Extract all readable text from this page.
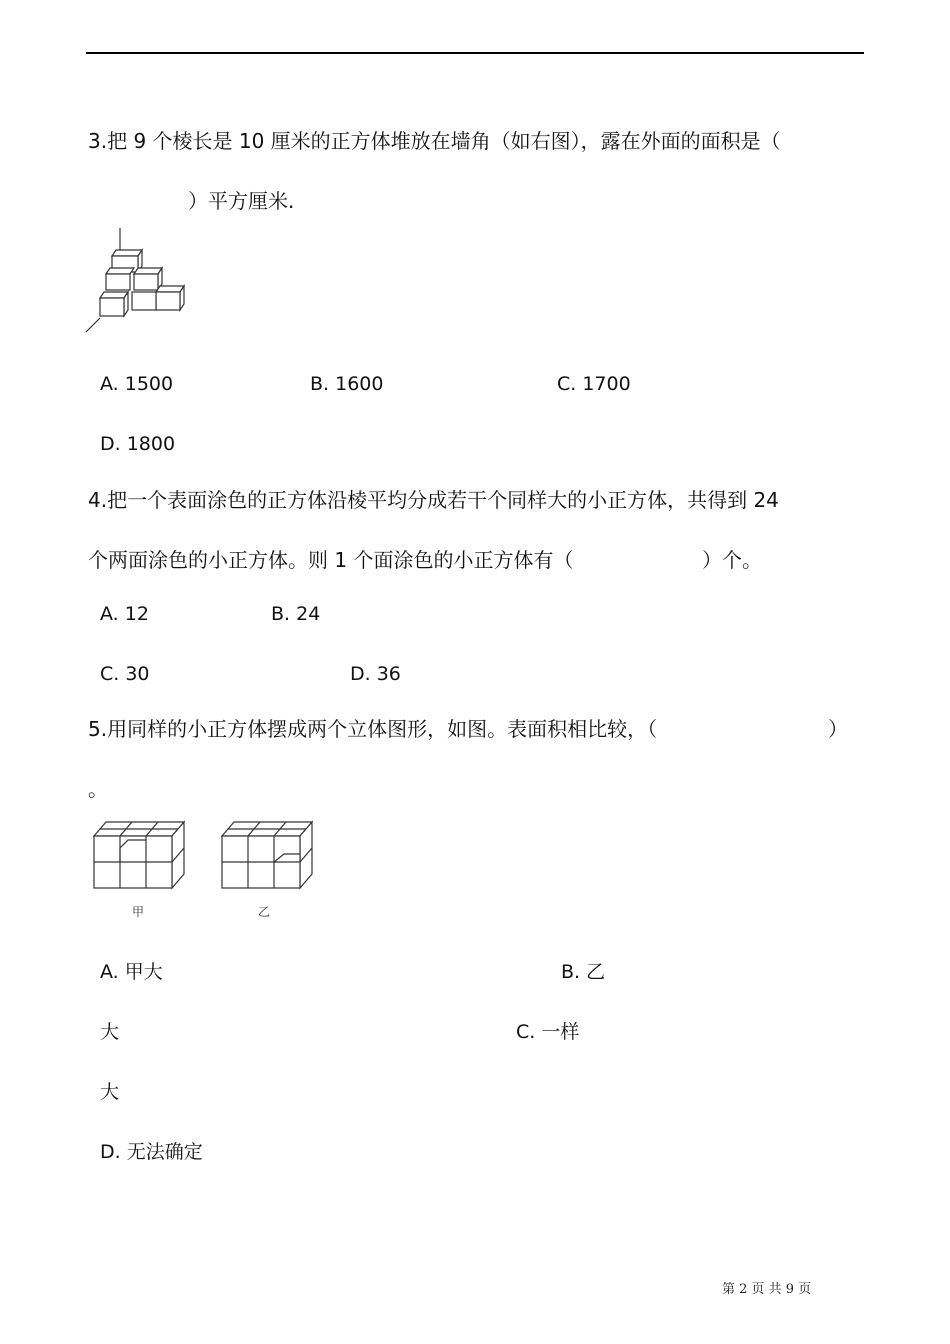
3.把 9 个棱长是 10 厘米的正方体堆放在墙角（如右图），露在外面的面积是（
）平方厘米.
A. 1500	B. 1600	C. 1700
D. 1800
4.把一个表面涂色的正方体沿棱平均分成若干个同样大的小正方体，共得到 24
个两面涂色的小正方体。则 1 个面涂色的小正方体有（	）个。
A. 12	B. 24
C. 30	D. 36
5.用同样的小正方体摆成两个立体图形，如图。表面积相比较，（	）
。
甲	乙
A. 甲大	B. 乙
大	C. 一样
大
D. 无法确定
第 2 页 共 9 页
